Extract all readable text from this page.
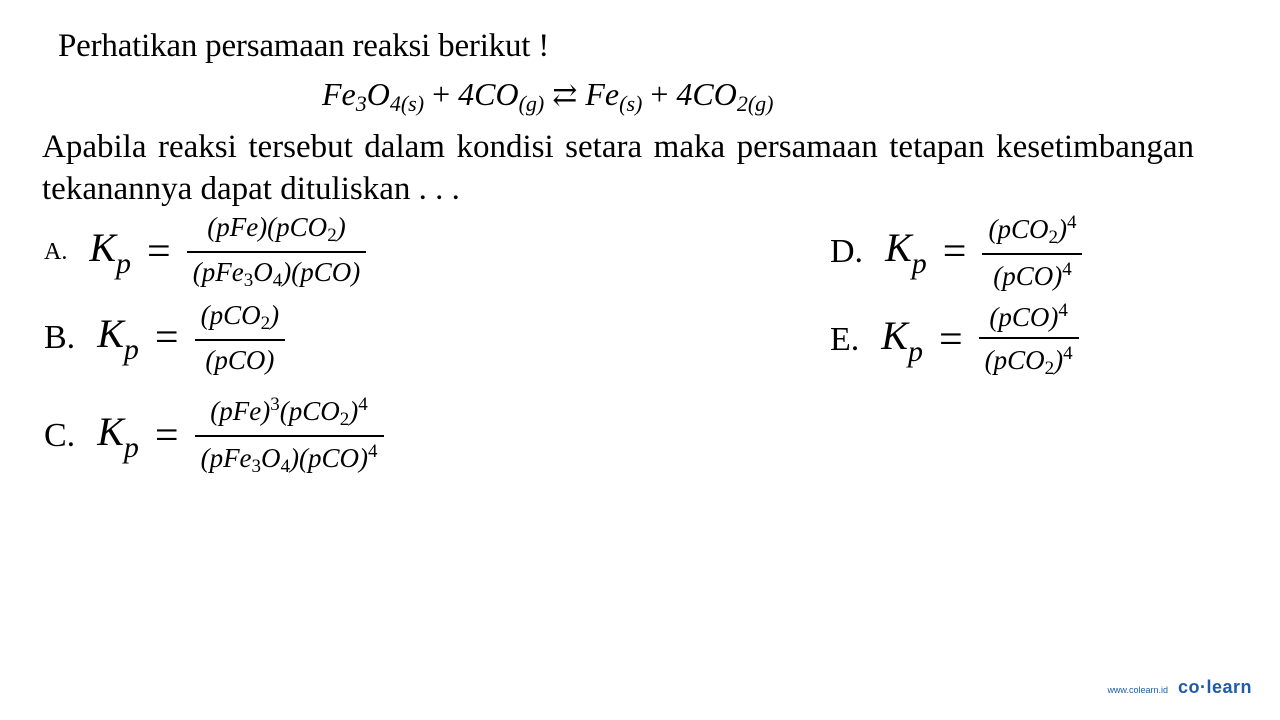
Perhatikan persamaan reaksi berikut !
$Fe_3O_{4(s)} + 4CO_{(g)}$ ⇄ $Fe_{(s)} + 4CO_{2(g)}$
Apabila reaksi tersebut dalam kondisi setara maka persamaan tetapan kesetimbangan tekanannya dapat dituliskan . . .
A. $K_p = \frac{(pFe)(pCO_2)}{(pFe_3O_4)(pCO)}$
B. $K_p = \frac{(pCO_2)}{\text{(pCO)}}$
C. $K_p = \frac{(pFe)^3(pCO_2)^4}{(pFe_3O_4)(pCO)^4}$
D. $K_p = \frac{(pCO_2)^4}{(pCO)^4}$
E. $K_p = \frac{(pCO)^4}{(pCO_2)^4}$
www.colearn.id co·learn
